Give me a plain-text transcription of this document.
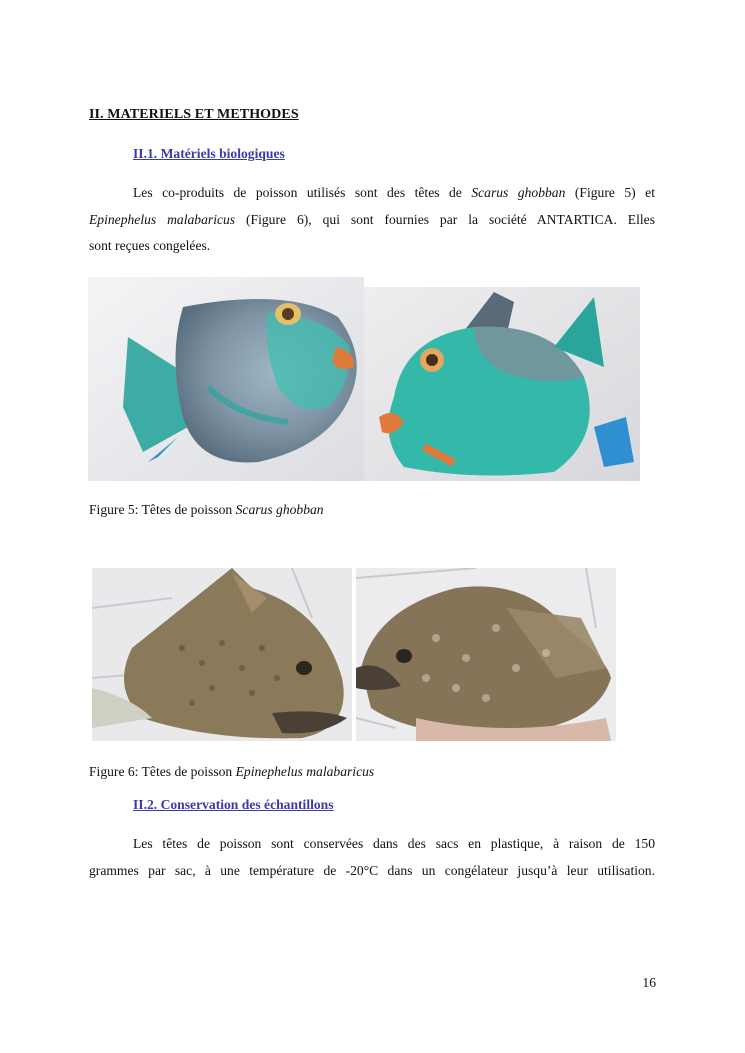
II. MATERIELS ET METHODES
II.1. Matériels biologiques
Les co-produits de poisson utilisés sont des têtes de Scarus ghobban (Figure 5) et
Epinephelus malabaricus (Figure 6), qui sont fournies par la société ANTARTICA. Elles
sont reçues congelées.
Figure 5: Têtes de poisson Scarus ghobban
Figure 6: Têtes de poisson Epinephelus malabaricus
II.2. Conservation des échantillons
Les têtes de poisson sont conservées dans des sacs en plastique, à raison de 150
grammes par sac, à une température de -20°C dans un congélateur jusqu’à leur utilisation.
16
